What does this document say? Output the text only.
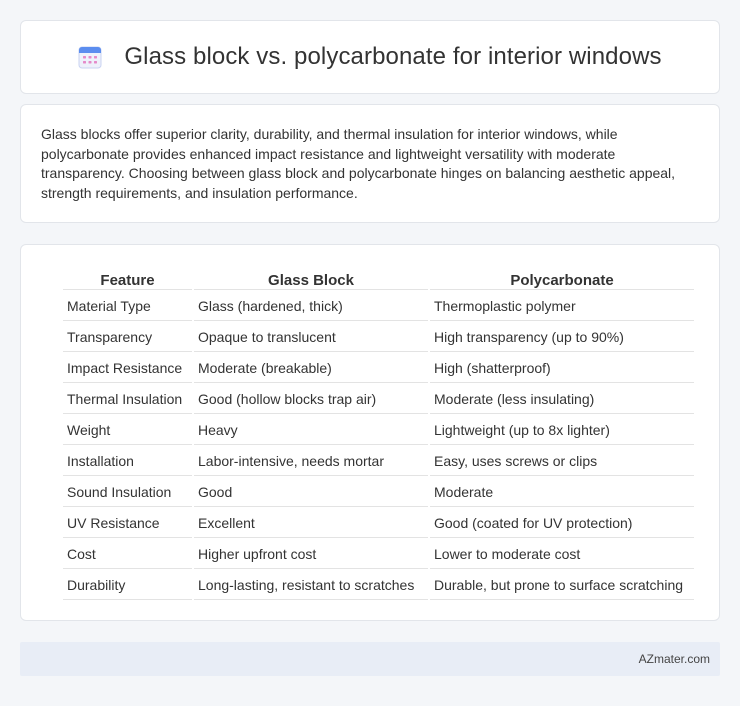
Glass block vs. polycarbonate for interior windows

Glass blocks offer superior clarity, durability, and thermal insulation for interior windows, while polycarbonate provides enhanced impact resistance and lightweight versatility with moderate transparency. Choosing between glass block and polycarbonate hinges on balancing aesthetic appeal, strength requirements, and insulation performance.

Feature	Glass Block	Polycarbonate
Material Type	Glass (hardened, thick)	Thermoplastic polymer
Transparency	Opaque to translucent	High transparency (up to 90%)
Impact Resistance	Moderate (breakable)	High (shatterproof)
Thermal Insulation	Good (hollow blocks trap air)	Moderate (less insulating)
Weight	Heavy	Lightweight (up to 8x lighter)
Installation	Labor-intensive, needs mortar	Easy, uses screws or clips
Sound Insulation	Good	Moderate
UV Resistance	Excellent	Good (coated for UV protection)
Cost	Higher upfront cost	Lower to moderate cost
Durability	Long-lasting, resistant to scratches	Durable, but prone to surface scratching
AZmater.com
